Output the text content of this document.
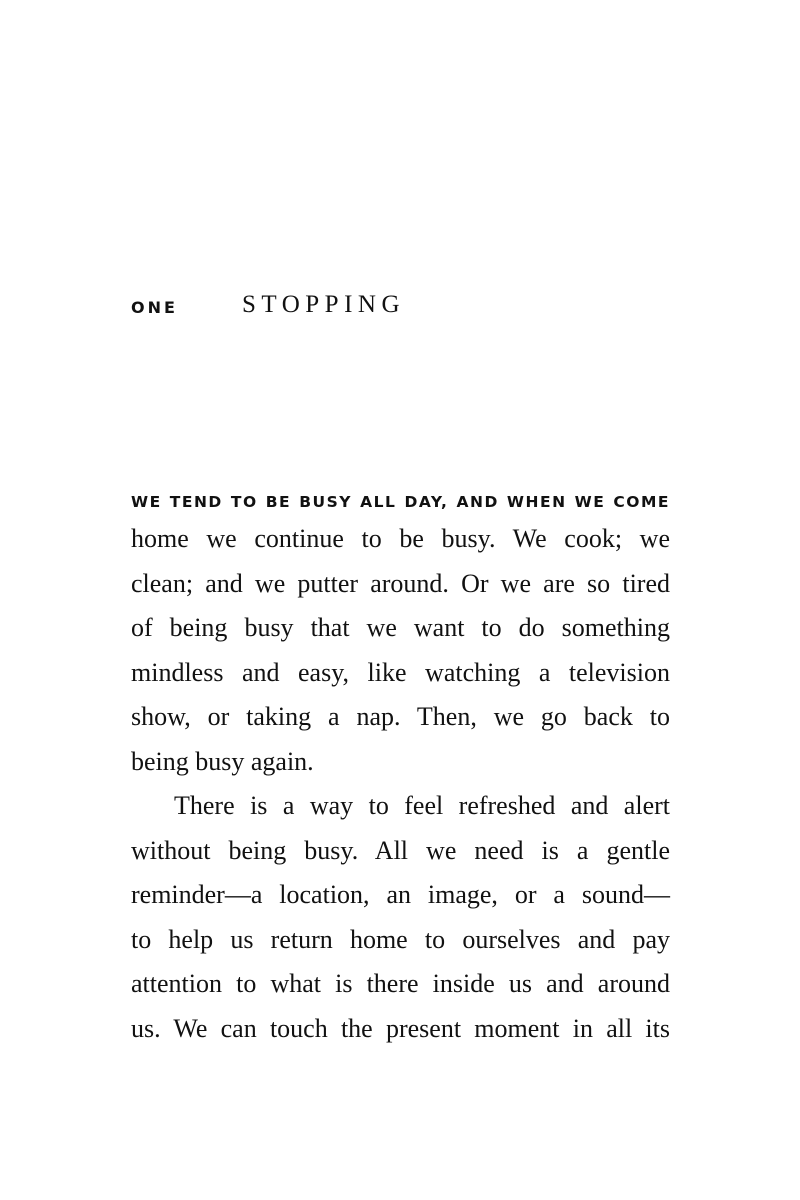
ONE	STOPPING
WE TEND TO BE BUSY ALL DAY, AND WHEN WE COME
home we continue to be busy. We cook; we
clean; and we putter around. Or we are so tired
of being busy that we want to do something
mindless and easy, like watching a television
show, or taking a nap. Then, we go back to
being busy again.
There is a way to feel refreshed and alert
without being busy. All we need is a gentle
reminder—a location, an image, or a sound—
to help us return home to ourselves and pay
attention to what is there inside us and around
us. We can touch the present moment in all its
